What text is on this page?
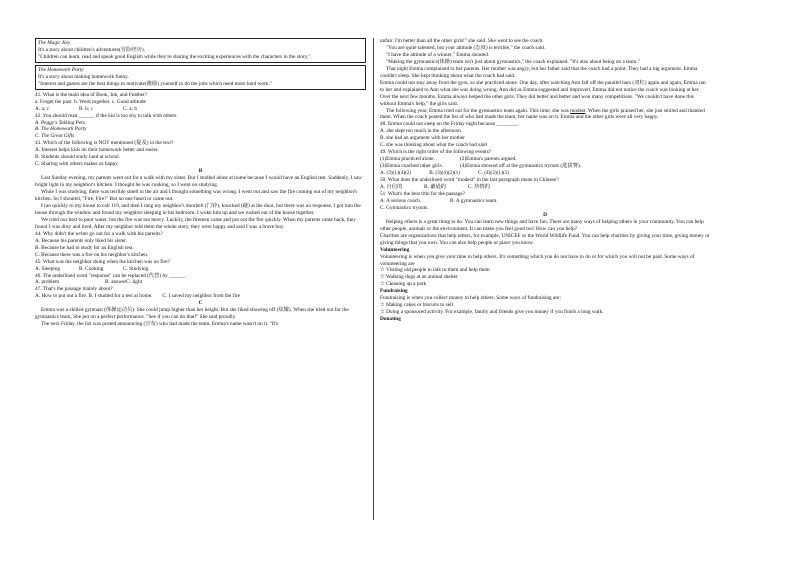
The Magic Key

It's a story about children's adventures(冒险经历).

"Children can learn, read and speak good English while they're sharing the exciting experiences with the characters in the story."

The Homework Party

It's a story about making homework funny.

"Interest and games are the best things to motivate(激励) yourself to do the jobs which need more hard work."

41. What is the main idea of Book, Ink, and Feather?

a. Forget the past. b. Work together. c. Good attitude

A. a; c	B. b; c	C. a; b

42. You should read ______ if the kid is too shy to talk with others.

A. Peggy's Talking Pets

B. The Homework Party

C. The Great Gifts

43. Which of the following is NOT mentioned (提及) in the text?

A. Interest helps kids do their homework better and easier.

B. Students should study hard at school.

C. Sharing with others makes us happy.

B

Last Sunday evening, my parents went out for a walk with my sister. But I studied alone at home because I would have an English test. Suddenly, I saw bright light in my neighbor's kitchen. I thought he was cooking, so I went on studying.

While I was studying, there was terrible smell in the air and I thought something was wrong. I went out and saw the fire coming out of my neighbor's kitchen. So I shouted, "Fire, Fire!" But no one heard or came out.

I ran quickly to my house to call 119, and then I rang my neighbor's doorbell (门铃), knocked (敲) at the door, but there was no response. I got into the house through the window and found my neighbor sleeping in his bedroom. I woke him up and we rushed out of the house together.

We tried our best to pour water, but the fire was too heavy. Luckily, the firemen came and put out the fire quickly. When my parents came back, they found I was dirty and tired. After my neighbor told them the whole story, they were happy and said I was a brave boy.

44. Why didn't the writer go out for a walk with his parents?

A. Because his parents only liked his sister.

B. Because he had to study for an English test.

C. Because there was a fire on his neighbor's kitchen.

45. What was the neighbor doing when the kitchen was on fire?

A. Sleeping	B. Cooking	C. Studying

46. The underlined word "response" can be replaced (代替) by ______.

A. problem	B. answerC. light

47. That's the passage mainly about?

A. How to put out a fire. B. I studied for a test at home. C. I saved my neighbor from the fire

C

Emma was a skilled gymnast (体操运动员). She could jump higher than her height. But she liked showing off (炫耀). When she tried out for the gymnastics team, She put on a perfect performance. "See if you can do that!" She said proudly.

The next Friday, the list was posted announcing (宣布) who had made the team. Emma's name wasn't on it. "It's

unfair. I'm better than all the other girls!" she said. She went to see the coach.

"You are quite talented, but your attitude (态度) is terrible," the coach said.

"I have the attitude of a winner," Emma shouted.

"Making the gymnastics(体操) team isn't just about gymnastics," the coach explained. "It's also about being on a team."

That night Emma complained to her parents. Her mother was angry, but her father said that the coach had a point. They had a big argument. Emma couldn't sleep. She kept thinking about what the coach had said.

Emma could not stay away from the gym, so she practiced alone. One day, after watching Ann fall off the parallel bars (双杠) again and again, Emma ran to her and explained to Ann what she was doing wrong. Ann did as Emma suggested and improved. Emma did not notice the coach was looking at her. Over the next few months, Emma always helped the other girls. They did better and better and won many competitions. "We couldn't have done this without Emma's help," the girls said.

The following year, Emma tried out for the gymnastics team again. This time, she was modest. When the girls praised her, she just smiled and thanked them. When the coach posted the list of who had made the team, her name was on it. Emma and the other girls were all very happy.

48. Emma could not sleep on the Friday night because ________.

A. she slept too much in the afternoon

B. she had an argument with her mother

C. she was thinking about what the coach had said

49. Which is the right order of the following events?

(1)Emma practiced alone.	(2)Emma's parents argued.
(3)Emma coached other girls.	(4)Emma showed off at the gymnastics tryouts (选拔赛).
A. (3)(1)(4)(2)	B. (3)(4)(2)(1)	C. (4)(2)(1)(3)

50. What does the underlined word "modest" in the last paragraph mean in Chinese?

A. 自信的	B. 谦逊的	C. 热情的

51. What's the best title for the passage?

A. A serious coach.	B. A gymnastics team.

C. Gymnastics tryouts.

D

Helping others is a great thing to do. You can learn new things and have fun. There are many ways of helping others in your community. You can help other people, animals or the environment. It can make you feel good too! How can you help?

Charities are organizations that help others, for example, UNICEF or the World Wildlife Fund. You can help charities by giving your time, giving money or giving things that you own. You can also help people or place you know.

Volunteering

Volunteering is when you give your time to help others. It's something which you do not have to do or for which you will not be paid. Some ways of volunteering are

☆ Visiting old people to talk to them and help them

☆ Walking dogs at an animal shelter

☆ Cleaning up a park

Fundraising

Fundraising is when you collect money to help others. Some ways of fundraising are:

☆ Making cakes or biscuits to sell

☆ Doing a sponsored activity. For example, family and friends give you money if you finish a long walk.

Donating
